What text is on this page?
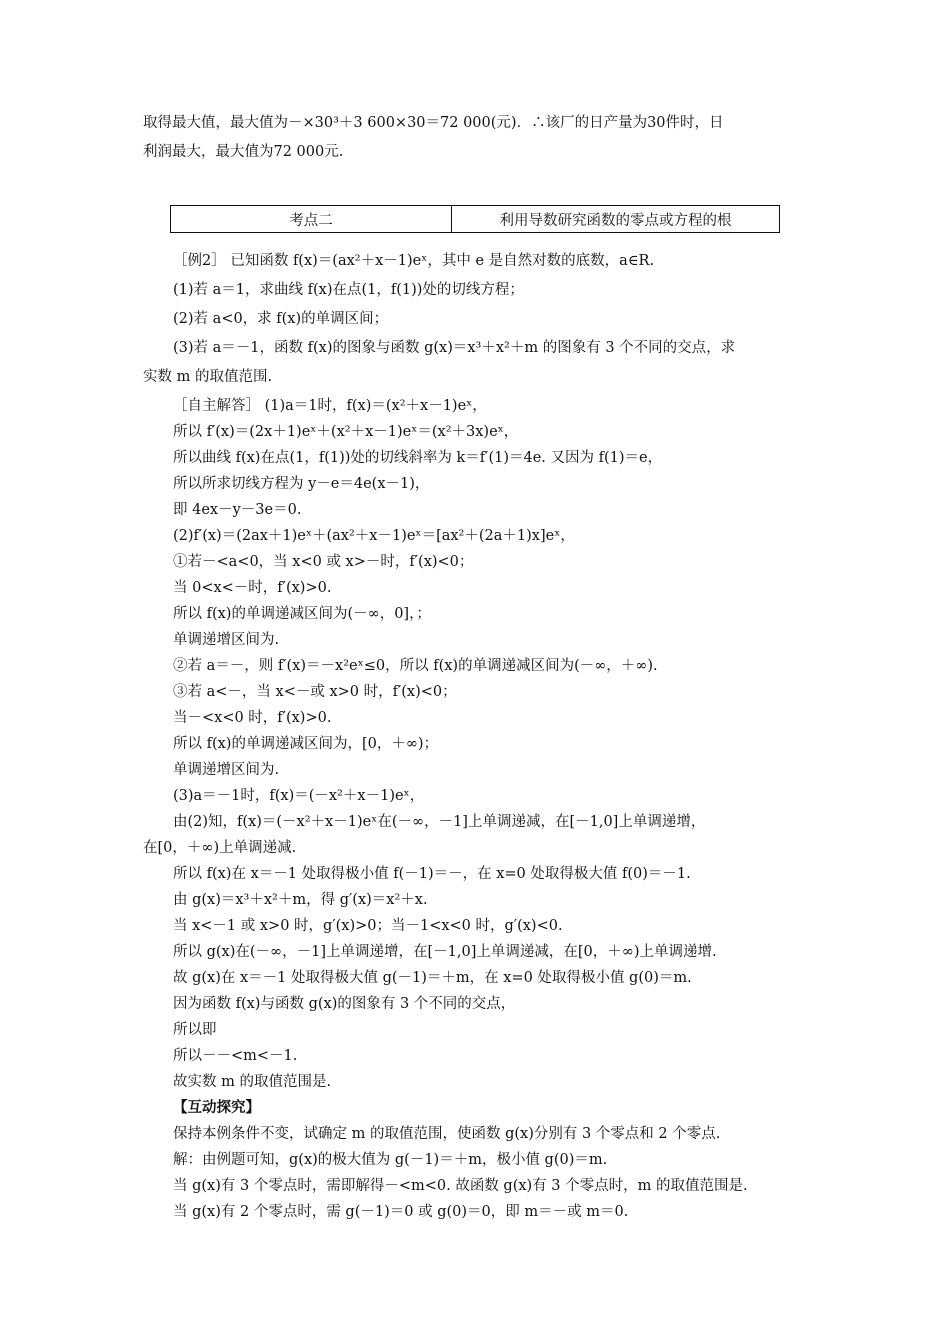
考点二	利用导数研究函数的零点或方程的根
取得最大值，最大值为－×30³＋3 600×30＝72 000(元)．∴该厂的日产量为30件时，日
利润最大，最大值为72 000元.
［例2］ 已知函数 f(x)＝(ax²＋x－1)eˣ，其中 e 是自然对数的底数，a∈R.
(1)若 a＝1，求曲线 f(x)在点(1，f(1))处的切线方程；
(2)若 a<0，求 f(x)的单调区间；
(3)若 a＝－1，函数 f(x)的图象与函数 g(x)＝x³＋x²＋m 的图象有 3 个不同的交点，求
实数 m 的取值范围.
［自主解答］ (1)a＝1时，f(x)＝(x²＋x－1)eˣ，
所以 f′(x)＝(2x＋1)eˣ＋(x²＋x－1)eˣ＝(x²＋3x)eˣ，
所以曲线 f(x)在点(1，f(1))处的切线斜率为 k＝f′(1)＝4e. 又因为 f(1)＝e，
所以所求切线方程为 y－e＝4e(x－1)，
即 4ex－y－3e＝0.
(2)f′(x)＝(2ax＋1)eˣ＋(ax²＋x－1)eˣ＝[ax²＋(2a＋1)x]eˣ，
①若－<a<0，当 x<0 或 x>－时，f′(x)<0；
当 0<x<－时，f′(x)>0.
所以 f(x)的单调递减区间为(－∞，0]，；
单调递增区间为.
②若 a＝－，则 f′(x)＝－x²eˣ≤0，所以 f(x)的单调递减区间为(－∞，＋∞).
③若 a<－，当 x<－或 x>0 时，f′(x)<0；
当－<x<0 时，f′(x)>0.
所以 f(x)的单调递减区间为，[0，＋∞)；
单调递增区间为.
(3)a＝－1时，f(x)＝(－x²＋x－1)eˣ，
由(2)知，f(x)＝(－x²＋x－1)eˣ在(－∞，－1]上单调递减，在[－1,0]上单调递增，
在[0，＋∞)上单调递减.
所以 f(x)在 x＝－1 处取得极小值 f(－1)＝－，在 x=0 处取得极大值 f(0)＝－1.
由 g(x)＝x³＋x²＋m，得 g′(x)＝x²＋x.
当 x<－1 或 x>0 时，g′(x)>0；当－1<x<0 时，g′(x)<0.
所以 g(x)在(－∞，－1]上单调递增，在[－1,0]上单调递减，在[0，＋∞)上单调递增.
故 g(x)在 x＝－1 处取得极大值 g(－1)＝＋m，在 x=0 处取得极小值 g(0)＝m.
因为函数 f(x)与函数 g(x)的图象有 3 个不同的交点，
所以即
所以－－<m<－1.
故实数 m 的取值范围是.
【互动探究】
保持本例条件不变，试确定 m 的取值范围，使函数 g(x)分别有 3 个零点和 2 个零点.
解：由例题可知，g(x)的极大值为 g(－1)＝＋m，极小值 g(0)＝m.
当 g(x)有 3 个零点时，需即解得－<m<0. 故函数 g(x)有 3 个零点时，m 的取值范围是.
当 g(x)有 2 个零点时，需 g(－1)＝0 或 g(0)＝0，即 m＝－或 m＝0.
